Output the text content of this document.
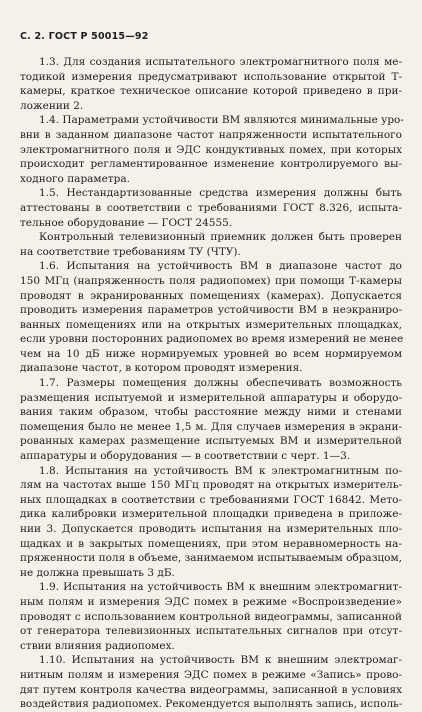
С. 2. ГОСТ Р 50015—92
1.3. Для создания испытательного электромагнитного поля ме-
тодикой измерения предусматривают использование открытой Т-
камеры, краткое техническое описание которой приведено в при-
ложении 2.
1.4. Параметрами устойчивости ВМ являются минимальные уро-
вни в заданном диапазоне частот напряженности испытательного
электромагнитного поля и ЭДС кондуктивных помех, при которых
происходит регламентированное изменение контролируемого вы-
ходного параметра.
1.5. Нестандартизованные средства измерения должны быть
аттестованы в соответствии с требованиями ГОСТ 8.326, испыта-
тельное оборудование — ГОСТ 24555.
Контрольный телевизионный приемник должен быть проверен
на соответствие требованиям ТУ (ЧТУ).
1.6. Испытания на устойчивость ВМ в диапазоне частот до
150 МГц (напряженность поля радиопомех) при помощи Т-камеры
проводят в экранированных помещениях (камерах). Допускается
проводить измерения параметров устойчивости ВМ в неэкраниро-
ванных помещениях или на открытых измерительных площадках,
если уровни посторонних радиопомех во время измерений не менее
чем на 10 дБ ниже нормируемых уровней во всем нормируемом
диапазоне частот, в котором проводят измерения.
1.7. Размеры помещения должны обеспечивать возможность
размещения испытуемой и измерительной аппаратуры и оборудо-
вания таким образом, чтобы расстояние между ними и стенами
помещения было не менее 1,5 м. Для случаев измерения в экрани-
рованных камерах размещение испытуемых ВМ и измерительной
аппаратуры и оборудования — в соответствии с черт. 1—3.
1.8. Испытания на устойчивость ВМ к электромагнитным по-
лям на частотах выше 150 МГц проводят на открытых измеритель-
ных площадках в соответствии с требованиями ГОСТ 16842. Мето-
дика калибровки измерительной площадки приведена в приложе-
нии 3. Допускается проводить испытания на измерительных пло-
щадках и в закрытых помещениях, при этом неравномерность на-
пряженности поля в объеме, занимаемом испытываемым образцом,
не должна превышать 3 дБ.
1.9. Испытания на устойчивость ВМ к внешним электромагнит-
ным полям и измерения ЭДС помех в режиме «Воспроизведение»
проводят с использованием контрольной видеограммы, записанной
от генератора телевизионных испытательных сигналов при отсут-
ствии влияния радиопомех.
1.10. Испытания на устойчивость ВМ к внешним электромаг-
нитным полям и измерения ЭДС помех в режиме «Запись» прово-
дят путем контроля качества видеограммы, записанной в условиях
воздействия радиопомех. Рекомендуется выполнять запись, исполь-
